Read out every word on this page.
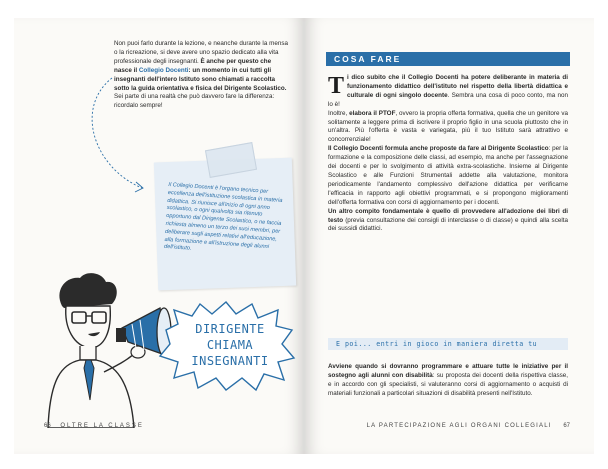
Non puoi farlo durante la lezione, e neanche durante la mensa o la ricreazione, si deve avere uno spazio dedicato alla vita professionale degli insegnanti. È anche per questo che nasce il Collegio Docenti: un momento in cui tutti gli insegnanti dell'intero Istituto sono chiamati a raccolta sotto la guida orientativa e fisica del Dirigente Scolastico.

Sei parte di una realtà che può davvero fare la differenza: ricordalo sempre!

Il Collegio Docenti è l'organo tecnico per eccellenza dell'istituzione scolastica in materia didattica. Si riunisce all'inizio di ogni anno scolastico, o ogni qualvolta sia ritenuto opportuno dal Dirigente Scolastico, o ne faccia richiesta almeno un terzo dei suoi membri, per deliberare sugli aspetti relativi all'educazione, alla formazione e all'istruzione degli alunni dell'istituto.
DIRIGENTE
CHIAMA
INSEGNANTI
66 OLTRE LA CLASSE
COSA FARE
T i dico subito che il Collegio Docenti ha potere deliberante in materia di funzionamento didattico dell'istituto nel rispetto della libertà didattica e culturale di ogni singolo docente. Sembra una cosa di poco conto, ma non lo è!

Inoltre, elabora il PTOF, ovvero la propria offerta formativa, quella che un genitore va solitamente a leggere prima di iscrivere il proprio figlio in una scuola piuttosto che in un'altra. Più l'offerta è vasta e variegata, più il tuo Istituto sarà attrattivo e concorrenziale!

Il Collegio Docenti formula anche proposte da fare al Dirigente Scolastico: per la formazione e la composizione delle classi, ad esempio, ma anche per l'assegnazione dei docenti e per lo svolgimento di attività extra-scolastiche. Insieme al Dirigente Scolastico e alle Funzioni Strumentali addette alla valutazione, monitora periodicamente l'andamento complessivo dell'azione didattica per verificarne l'efficacia in rapporto agli obiettivi programmati, e si propongono miglioramenti dell'offerta formativa con corsi di aggiornamento per i docenti.

Un altro compito fondamentale è quello di provvedere all'adozione dei libri di testo (previa consultazione dei consigli di interclasse o di classe) e quindi alla scelta dei sussidi didattici.

E poi... entri in gioco in maniera diretta tu

Avviene quando si dovranno programmare e attuare tutte le iniziative per il sostegno agli alunni con disabilità: su proposta dei docenti della rispettiva classe, e in accordo con gli specialisti, si valuteranno corsi di aggiornamento o acquisti di materiali funzionali a particolari situazioni di disabilità presenti nell'Istituto.

LA PARTECIPAZIONE AGLI ORGANI COLLEGIALI 67
